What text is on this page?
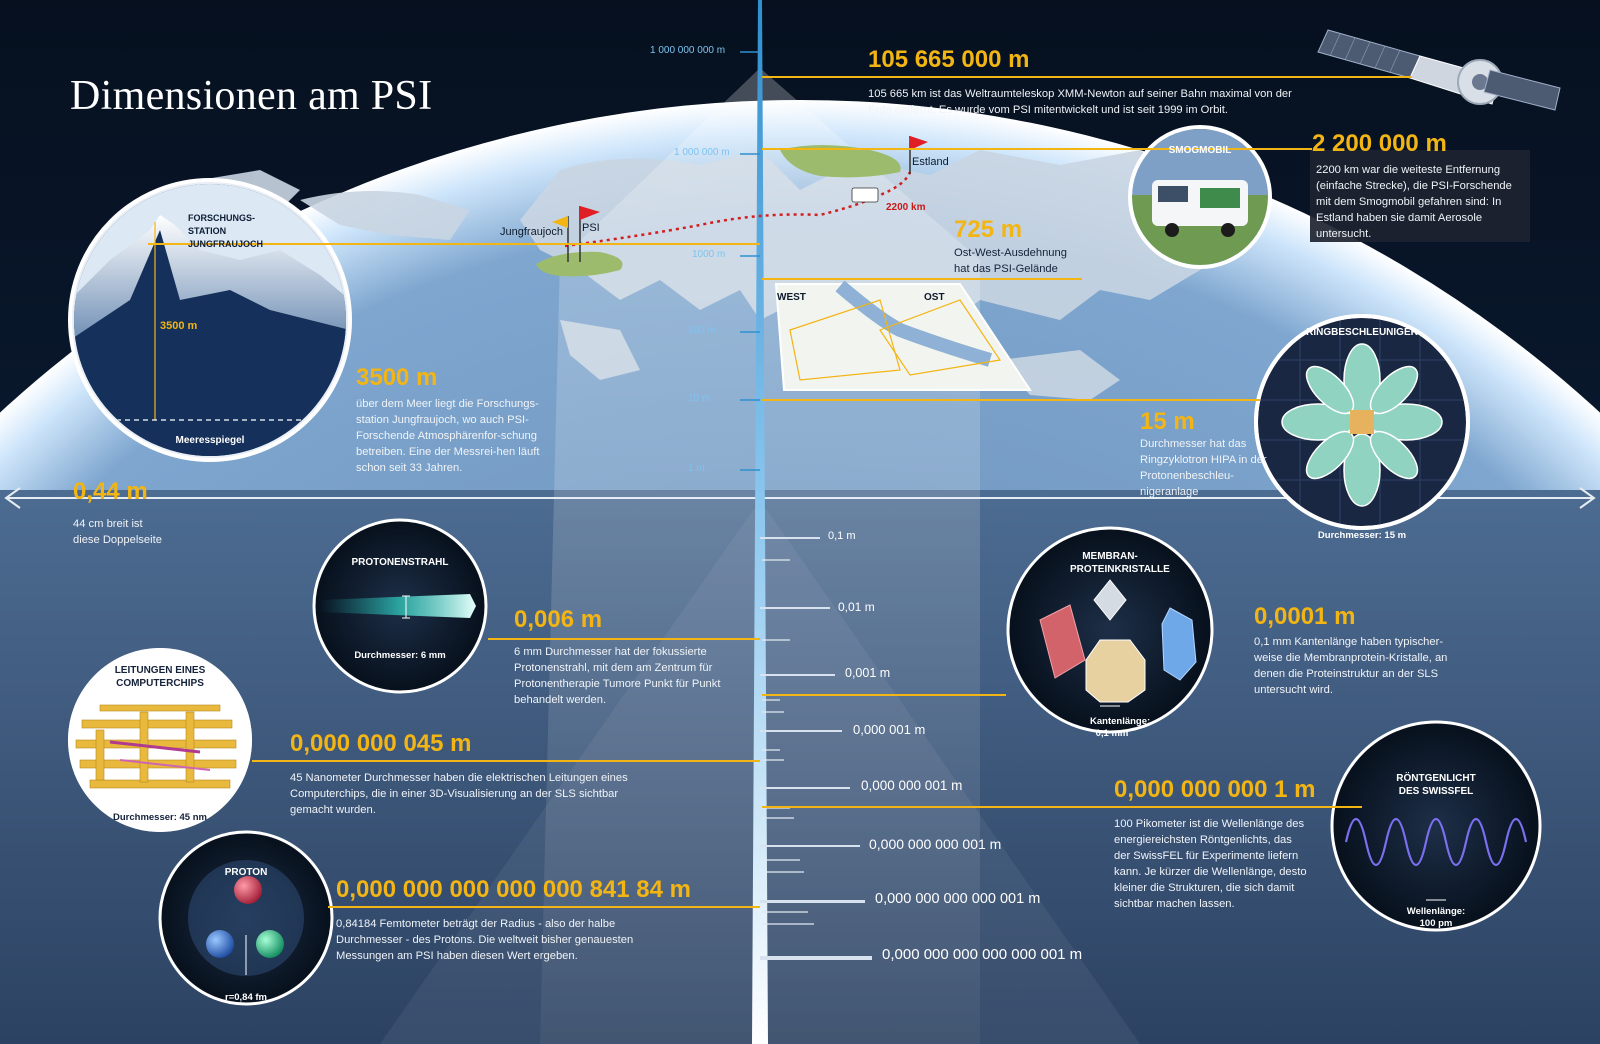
Dimensionen am PSI
1 000 000 000 m
1 000 000 m
1000 m
100 m
10 m
1 m
0,1 m
0,01 m
0,001 m
0,000 001 m
0,000 000 001 m
0,000 000 000 001 m
0,000 000 000 000 001 m
0,000 000 000 000 000 001 m
105 665 000 m
105 665 km ist das Weltraumteleskop XMM-Newton auf seiner Bahn maximal von der Erde entfernt. Es wurde vom PSI mitentwickelt und ist seit 1999 im Orbit.
SMOGMOBIL	2 200 000 m
2200 km war die weiteste Entfernung (einfache Strecke), die PSI-Forschende mit dem Smogmobil gefahren sind: In Estland haben sie damit Aerosole untersucht.
Jungfraujoch PSI
Estland
2200 km
725 m
Ost-West-Ausdehnung hat das PSI-Gelände
WEST	OST
FORSCHUNGS-STATION JUNGFRAUJOCH
3500 m
Meeresspiegel
3500 m
über dem Meer liegt die Forschungs-station Jungfraujoch, wo auch PSI-Forschende Atmosphärenfor-schung betreiben. Eine der Messrei-hen läuft schon seit 33 Jahren.
RINGBESCHLEUNIGER
Durchmesser: 15 m
15 m
Durchmesser hat das Ringzyklotron HIPA in der Protonenbeschleu-nigeranlage
0,44 m
44 cm breit ist diese Doppelseite
PROTONENSTRAHL
Durchmesser: 6 mm
0,006 m
6 mm Durchmesser hat der fokussierte Protonenstrahl, mit dem am Zentrum für Protonentherapie Tumore Punkt für Punkt behandelt werden.
MEMBRAN-PROTEINKRISTALLE
Kantenlänge: 0,1 mm
0,0001 m
0,1 mm Kantenlänge haben typischer-weise die Membranprotein-Kristalle, an denen die Proteinstruktur an der SLS untersucht wird.
LEITUNGEN EINES COMPUTERCHIPS
Durchmesser: 45 nm
0,000 000 045 m
45 Nanometer Durchmesser haben die elektrischen Leitungen eines Computerchips, die in einer 3D-Visualisierung an der SLS sichtbar gemacht wurden.
RÖNTGENLICHT DES SWISSFEL
Wellenlänge: 100 pm
0,000 000 000 1 m
100 Pikometer ist die Wellenlänge des energiereichsten Röntgenlichts, das der SwissFEL für Experimente liefern kann. Je kürzer die Wellenlänge, desto kleiner die Strukturen, die sich damit sichtbar machen lassen.
PROTON
r=0,84 fm
0,000 000 000 000 000 841 84 m
0,84184 Femtometer beträgt der Radius - also der halbe Durchmesser - des Protons. Die weltweit bisher genauesten Messungen am PSI haben diesen Wert ergeben.
